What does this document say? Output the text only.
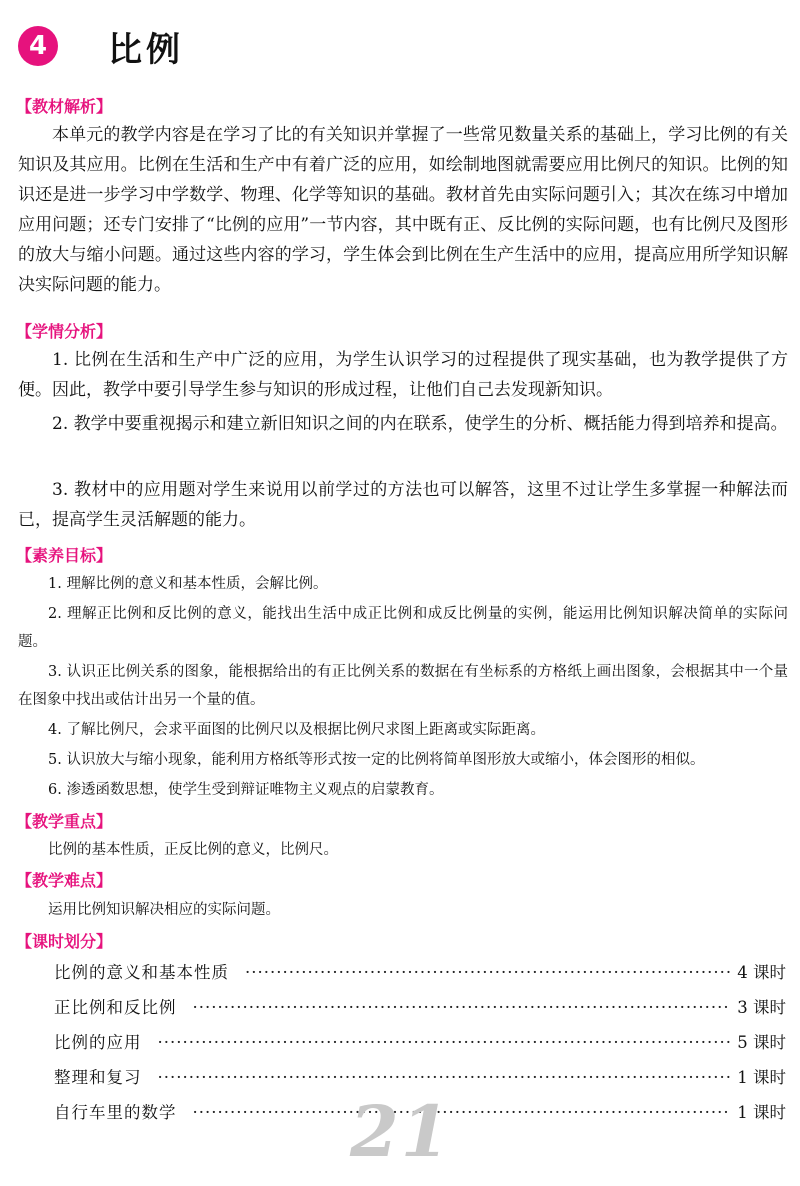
4	比例
【教材解析】

本单元的教学内容是在学习了比的有关知识并掌握了一些常见数量关系的基础上，学习比例的有关知识及其应用。比例在生活和生产中有着广泛的应用，如绘制地图就需要应用比例尺的知识。比例的知识还是进一步学习中学数学、物理、化学等知识的基础。教材首先由实际问题引入；其次在练习中增加应用问题；还专门安排了“比例的应用”一节内容，其中既有正、反比例的实际问题，也有比例尺及图形的放大与缩小问题。通过这些内容的学习，学生体会到比例在生产生活中的应用，提高应用所学知识解决实际问题的能力。

【学情分析】

1. 比例在生活和生产中广泛的应用，为学生认识学习的过程提供了现实基础，也为教学提供了方便。因此，教学中要引导学生参与知识的形成过程，让他们自己去发现新知识。

2. 教学中要重视揭示和建立新旧知识之间的内在联系，使学生的分析、概括能力得到培养和提高。

3. 教材中的应用题对学生来说用以前学过的方法也可以解答，这里不过让学生多掌握一种解法而已，提高学生灵活解题的能力。

【素养目标】

1. 理解比例的意义和基本性质，会解比例。

2. 理解正比例和反比例的意义，能找出生活中成正比例和成反比例量的实例，能运用比例知识解决简单的实际问题。

3. 认识正比例关系的图象，能根据给出的有正比例关系的数据在有坐标系的方格纸上画出图象，会根据其中一个量在图象中找出或估计出另一个量的值。

4. 了解比例尺，会求平面图的比例尺以及根据比例尺求图上距离或实际距离。

5. 认识放大与缩小现象，能利用方格纸等形式按一定的比例将简单图形放大或缩小，体会图形的相似。

6. 渗透函数思想，使学生受到辩证唯物主义观点的启蒙教育。

【教学重点】

比例的基本性质，正反比例的意义，比例尺。

【教学难点】

运用比例知识解决相应的实际问题。

【课时划分】
比例的意义和基本性质 ·····	4 课时
正比例和反比例 ·····	3 课时
比例的应用 ·····	5 课时
整理和复习 ·····	1 课时
自行车里的数学 ·····	1 课时
21
